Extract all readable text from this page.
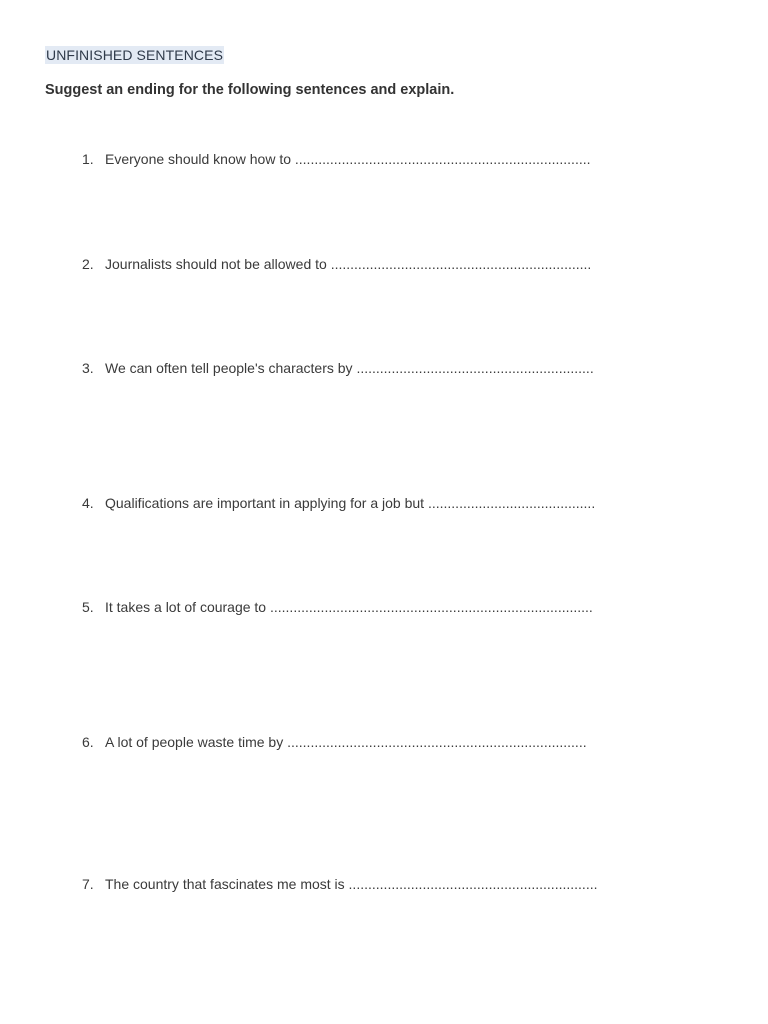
UNFINISHED SENTENCES
Suggest an ending for the following sentences and explain.
1. Everyone should know how to ............................................................................
2. Journalists should not be allowed to ...................................................................
3. We can often tell people's characters by .............................................................
4. Qualifications are important in applying for a job but ...........................................
5. It takes a lot of courage to ...................................................................................
6. A lot of people waste time by .............................................................................
7. The country that fascinates me most is ................................................................
